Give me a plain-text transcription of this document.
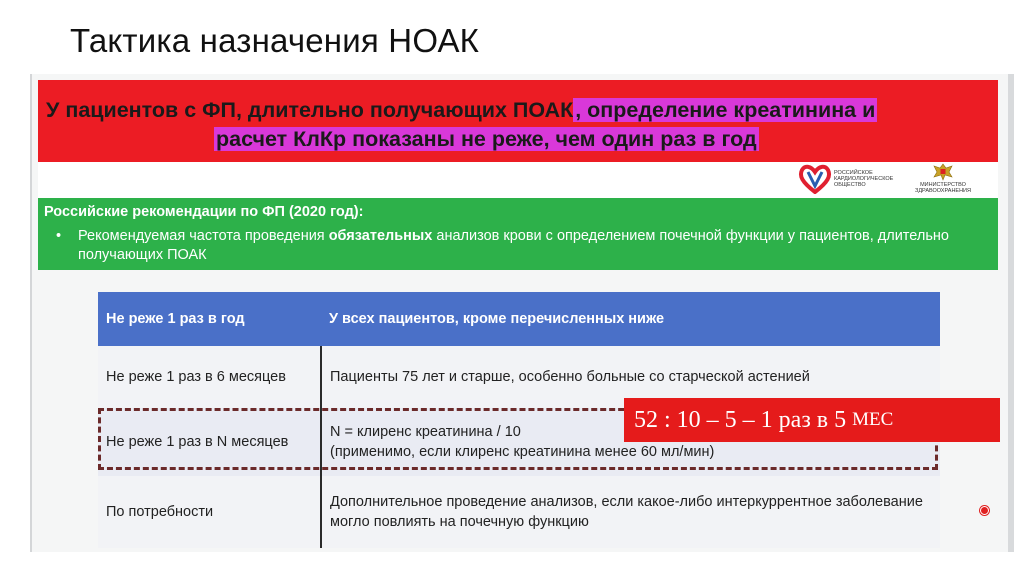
Тактика назначения НОАК
У пациентов с ФП, длительно получающих ПОАК, определение креатинина и
расчет КлКр показаны не реже, чем один раз в год
РОССИЙСКОЕ КАРДИОЛОГИЧЕСКОЕ ОБЩЕСТВО	МИНИСТЕРСТВО ЗДРАВООХРАНЕНИЯ
Российские рекомендации по ФП (2020 год):
• Рекомендуемая частота проведения обязательных анализов крови с определением почечной функции у пациентов, длительно получающих ПОАК
Не реже 1 раз в год	У всех пациентов, кроме перечисленных ниже
Не реже 1 раз в 6 месяцев	Пациенты 75 лет и старше, особенно больные со старческой астенией
Не реже 1 раз в N месяцев	N = клиренс креатинина / 10
(применимо, если клиренс креатинина менее 60 мл/мин)

По потребности	Дополнительное проведение анализов, если какое-либо интеркуррентное заболевание могло повлиять на почечную функцию
52 : 10 – 5 – 1 раз в 5 МЕС
